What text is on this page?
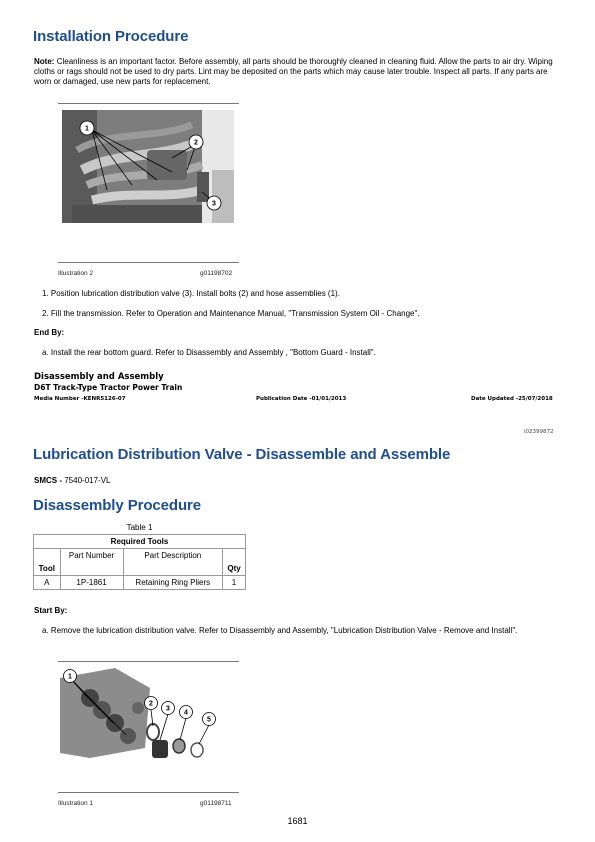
Installation Procedure
Note: Cleanliness is an important factor. Before assembly, all parts should be thoroughly cleaned in cleaning fluid. Allow the parts to air dry. Wiping cloths or rags should not be used to dry parts. Lint may be deposited on the parts which may cause later trouble. Inspect all parts. If any parts are worn or damaged, use new parts for replacement.
1
2
3
Illustration 2	g01198702
1. Position lubrication distribution valve (3). Install bolts (2) and hose assemblies (1).
2. Fill the transmission. Refer to Operation and Maintenance Manual, "Transmission System Oil - Change".
End By:
a. Install the rear bottom guard. Refer to Disassembly and Assembly , "Bottom Guard - Install".
Disassembly and Assembly
D6T Track-Type Tractor Power Train
Media Number -KENR5126-07	Publication Date -01/01/2013	Date Updated -25/07/2018
i02399872
Lubrication Distribution Valve - Disassemble and Assemble
SMCS - 7540-017-VL
Disassembly Procedure
Table 1
Required Tools			
Tool	Part Number	Part Description	Qty
A	1P-1861	Retaining Ring Pliers	1
Start By:
a. Remove the lubrication distribution valve. Refer to Disassembly and Assembly, "Lubrication Distribution Valve - Remove and Install".
1
2
3
4
5
Illustration 1	g01198711
1681
